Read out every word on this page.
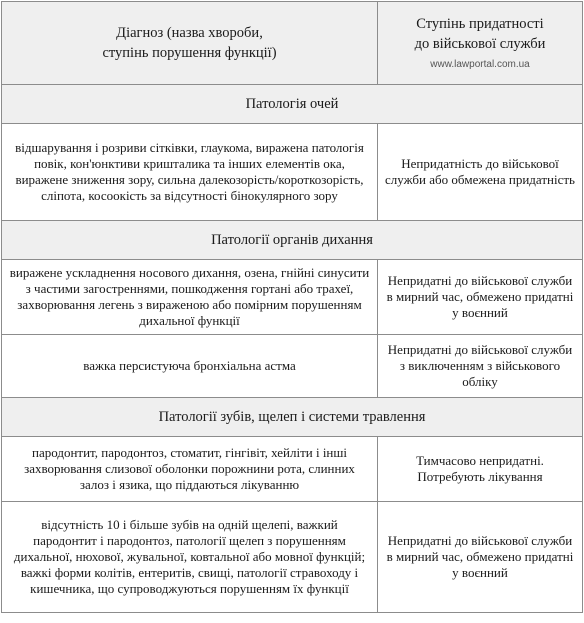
Діагноз (назва хвороби,
ступінь порушення функції)	Ступінь придатності
до військової служби
www.lawportal.com.ua

Патологія очей	
відшарування і розриви сітківки, глаукома, виражена патологія повік, кон'юнктиви кришталика та інших елементів ока, виражене зниження зору, сильна далекозорість/короткозорість, сліпота, косоокість за відсутності бінокулярного зору	Непридатність до військової служби або обмежена придатність
Патології органів дихання	
виражене ускладнення носового дихання, озена, гнійні синусити з частими загостреннями, пошкодження гортані або трахеї, захворювання легень з вираженою або помірним порушенням дихальної функції	Непридатні до військової служби в мирний час, обмежено придатні
у воєнний
важка персистуюча бронхіальна астма	Непридатні до військової служби з виключенням з військового обліку
Патології зубів, щелеп і системи травлення	
пародонтит, пародонтоз, стоматит, гінгівіт, хейліти і інші захворювання слизової оболонки порожнини рота, слинних залоз і язика, що піддаються лікуванню	Тимчасово непридатні.
Потребують лікування
відсутність 10 і більше зубів на одній щелепі, важкий пародонтит і пародонтоз, патології щелеп з порушенням дихальної, нюхової, жувальної, ковтальної або мовної функцій; важкі форми колітів, ентеритів, свищі, патології стравоходу і кишечника, що супроводжуються порушенням їх функції	Непридатні до військової служби в мирний час, обмежено придатні
у воєнний
